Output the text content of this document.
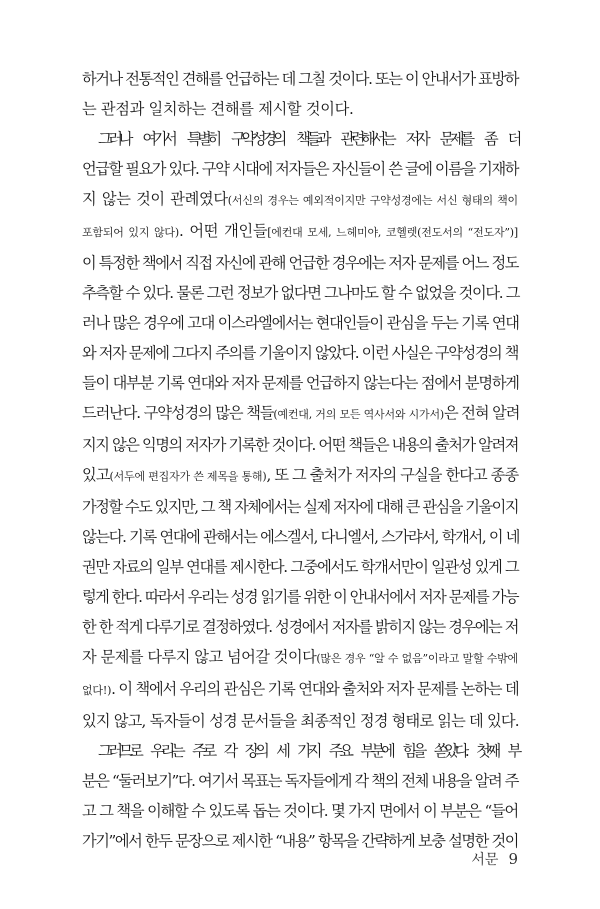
하거나 전통적인 견해를 언급하는 데 그칠 것이다. 또는 이 안내서가 표방하
는 관점과 일치하는 견해를 제시할 것이다.
그러나 여기서 특별히 구약성경의 책들과 관련해서는 저자 문제를 좀 더
언급할 필요가 있다. 구약 시대에 저자들은 자신들이 쓴 글에 이름을 기재하
지 않는 것이 관례였다(서신의 경우는 예외적이지만 구약성경에는 서신 형태의 책이
포함되어 있지 않다). 어떤 개인들[에컨대 모세, 느헤미야, 코헬렛(전도서의 “전도자”)]
이 특정한 책에서 직접 자신에 관해 언급한 경우에는 저자 문제를 어느 정도
추측할 수 있다. 물론 그런 정보가 없다면 그나마도 할 수 없었을 것이다. 그
러나 많은 경우에 고대 이스라엘에서는 현대인들이 관심을 두는 기록 연대
와 저자 문제에 그다지 주의를 기울이지 않았다. 이런 사실은 구약성경의 책
들이 대부분 기록 연대와 저자 문제를 언급하지 않는다는 점에서 분명하게
드러난다. 구약성경의 많은 책들(예컨대, 거의 모든 역사서와 시가서)은 전혀 알려
지지 않은 익명의 저자가 기록한 것이다. 어떤 책들은 내용의 출처가 알려져
있고(서두에 편집자가 쓴 제목을 통해), 또 그 출처가 저자의 구실을 한다고 종종
가정할 수도 있지만, 그 책 자체에서는 실제 저자에 대해 큰 관심을 기울이지
않는다. 기록 연대에 관해서는 에스겔서, 다니엘서, 스가랴서, 학개서, 이 네
권만 자료의 일부 연대를 제시한다. 그중에서도 학개서만이 일관성 있게 그
렇게 한다. 따라서 우리는 성경 읽기를 위한 이 안내서에서 저자 문제를 가능
한 한 적게 다루기로 결정하였다. 성경에서 저자를 밝히지 않는 경우에는 저
자 문제를 다루지 않고 넘어갈 것이다(많은 경우 “알 수 없음”이라고 말할 수밖에
없다!). 이 책에서 우리의 관심은 기록 연대와 출처와 저자 문제를 논하는 데
있지 않고, 독자들이 성경 문서들을 최종적인 정경 형태로 읽는 데 있다.
그러므로 우리는 주로 각 장의 세 가지 주요 부분에 힘을 쏟았다. 첫째 부
분은 “둘러보기”다. 여기서 목표는 독자들에게 각 책의 전체 내용을 알려 주
고 그 책을 이해할 수 있도록 돕는 것이다. 몇 가지 면에서 이 부분은 “들어
가기”에서 한두 문장으로 제시한 “내용” 항목을 간략하게 보충 설명한 것이
서문 9
